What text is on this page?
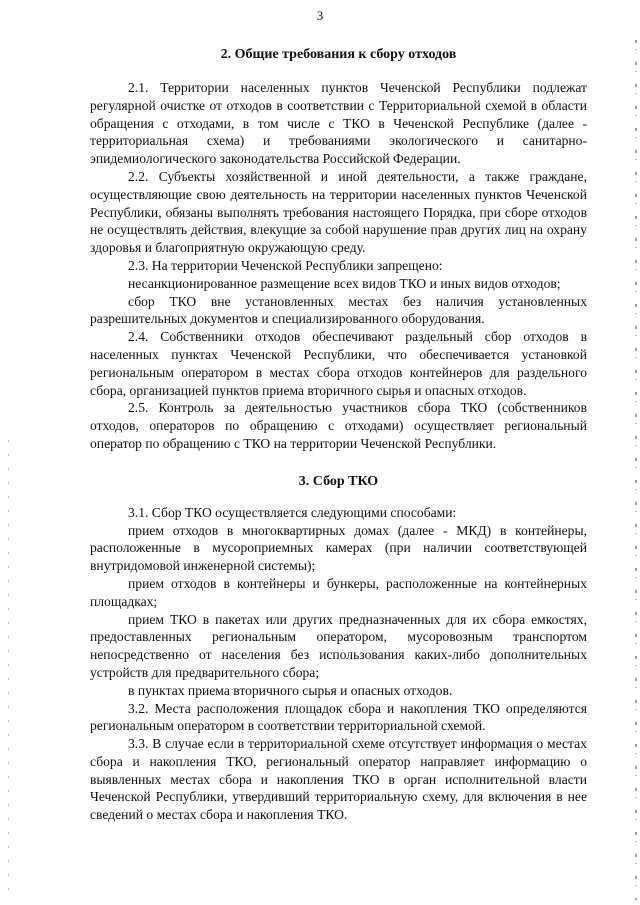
3
2. Общие требования к сбору отходов

2.1. Территории населенных пунктов Чеченской Республики подлежат регулярной очистке от отходов в соответствии с Территориальной схемой в области обращения с отходами, в том числе с ТКО в Чеченской Республике (далее - территориальная схема) и требованиями экологического и санитарно-эпидемиологического законодательства Российской Федерации.

2.2. Субъекты хозяйственной и иной деятельности, а также граждане, осуществляющие свою деятельность на территории населенных пунктов Чеченской Республики, обязаны выполнять требования настоящего Порядка, при сборе отходов не осуществлять действия, влекущие за собой нарушение прав других лиц на охрану здоровья и благоприятную окружающую среду.

2.3. На территории Чеченской Республики запрещено:

несанкционированное размещение всех видов ТКО и иных видов отходов;

сбор ТКО вне установленных местах без наличия установленных разрешительных документов и специализированного оборудования.

2.4. Собственники отходов обеспечивают раздельный сбор отходов в населенных пунктах Чеченской Республики, что обеспечивается установкой региональным оператором в местах сбора отходов контейнеров для раздельного сбора, организацией пунктов приема вторичного сырья и опасных отходов.

2.5. Контроль за деятельностью участников сбора ТКО (собственников отходов, операторов по обращению с отходами) осуществляет региональный оператор по обращению с ТКО на территории Чеченской Республики.

3. Сбор ТКО

3.1. Сбор ТКО осуществляется следующими способами:

прием отходов в многоквартирных домах (далее - МКД) в контейнеры, расположенные в мусороприемных камерах (при наличии соответствующей внутридомовой инженерной системы);

прием отходов в контейнеры и бункеры, расположенные на контейнерных площадках;

прием ТКО в пакетах или других предназначенных для их сбора емкостях, предоставленных региональным оператором, мусоровозным транспортом непосредственно от населения без использования каких-либо дополнительных устройств для предварительного сбора;

в пунктах приема вторичного сырья и опасных отходов.

3.2. Места расположения площадок сбора и накопления ТКО определяются региональным оператором в соответствии территориальной схемой.

3.3. В случае если в территориальной схеме отсутствует информация о местах сбора и накопления ТКО, региональный оператор направляет информацию о выявленных местах сбора и накопления ТКО в орган исполнительной власти Чеченской Республики, утвердивший территориальную схему, для включения в нее сведений о местах сбора и накопления ТКО.
